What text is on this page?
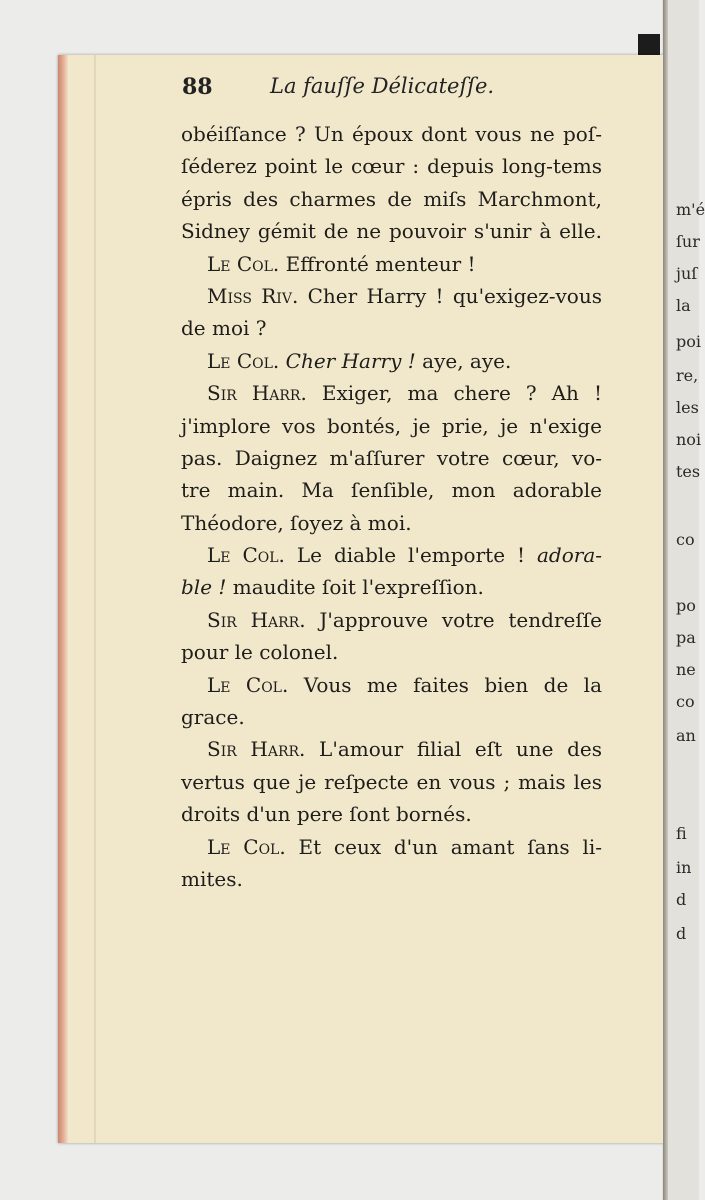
88	La fauſſe Délicateſſe.
obéiſſance ? Un époux dont vous ne poſ-
ſéderez point le cœur : depuis long-tems
épris des charmes de miſs Marchmont,
Sidney gémit de ne pouvoir s'unir à elle.
Le Col. Effronté menteur !
Miſs Riv. Cher Harry ! qu'exigez-vous
de moi ?
Le Col. Cher Harry ! aye, aye.
Sir Harr. Exiger, ma chere ? Ah !
j'implore vos bontés, je prie, je n'exige
pas. Daignez m'aſſurer votre cœur, vo-
tre main. Ma ſenſible, mon adorable
Théodore, ſoyez à moi.
Le Col. Le diable l'emporte ! adora-
ble ! maudite ſoit l'expreſſion.
Sir Harr. J'approuve votre tendreſſe
pour le colonel.
Le Col. Vous me faites bien de la
grace.
Sir Harr. L'amour filial eſt une des
vertus que je reſpecte en vous ; mais les
droits d'un pere ſont bornés.
Le Col. Et ceux d'un amant ſans li-
mites.
m'é
ſur
juſ
la
poi
re,
les
noi
tes
co
po
pa
ne
co
an
fi
in
d
d
